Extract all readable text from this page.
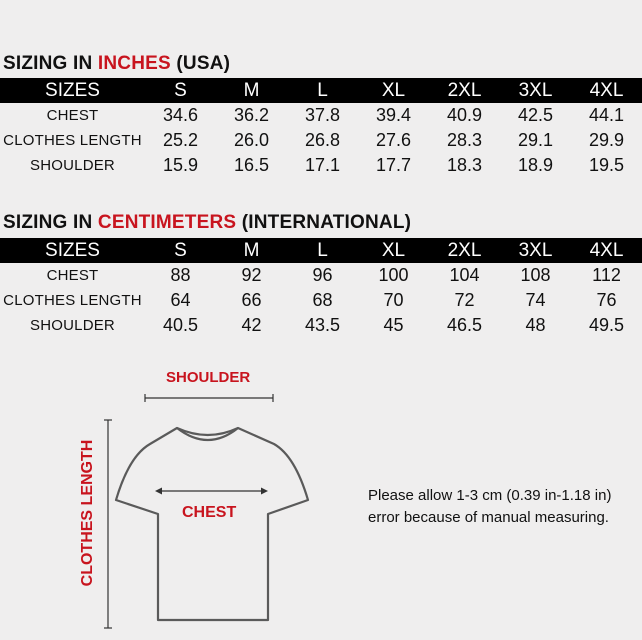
SIZING IN INCHES (USA)
SIZES	S	M	L	XL	2XL	3XL	4XL
CHEST	34.6	36.2	37.8	39.4	40.9	42.5	44.1
CLOTHES LENGTH	25.2	26.0	26.8	27.6	28.3	29.1	29.9
SHOULDER	15.9	16.5	17.1	17.7	18.3	18.9	19.5
SIZING IN CENTIMETERS (INTERNATIONAL)
SIZES	S	M	L	XL	2XL	3XL	4XL
CHEST	88	92	96	100	104	108	112
CLOTHES LENGTH	64	66	68	70	72	74	76
SHOULDER	40.5	42	43.5	45	46.5	48	49.5
SHOULDER
CHEST
CLOTHES LENGTH	Please allow 1-3 cm (0.39 in-1.18 in)
error because of manual measuring.
